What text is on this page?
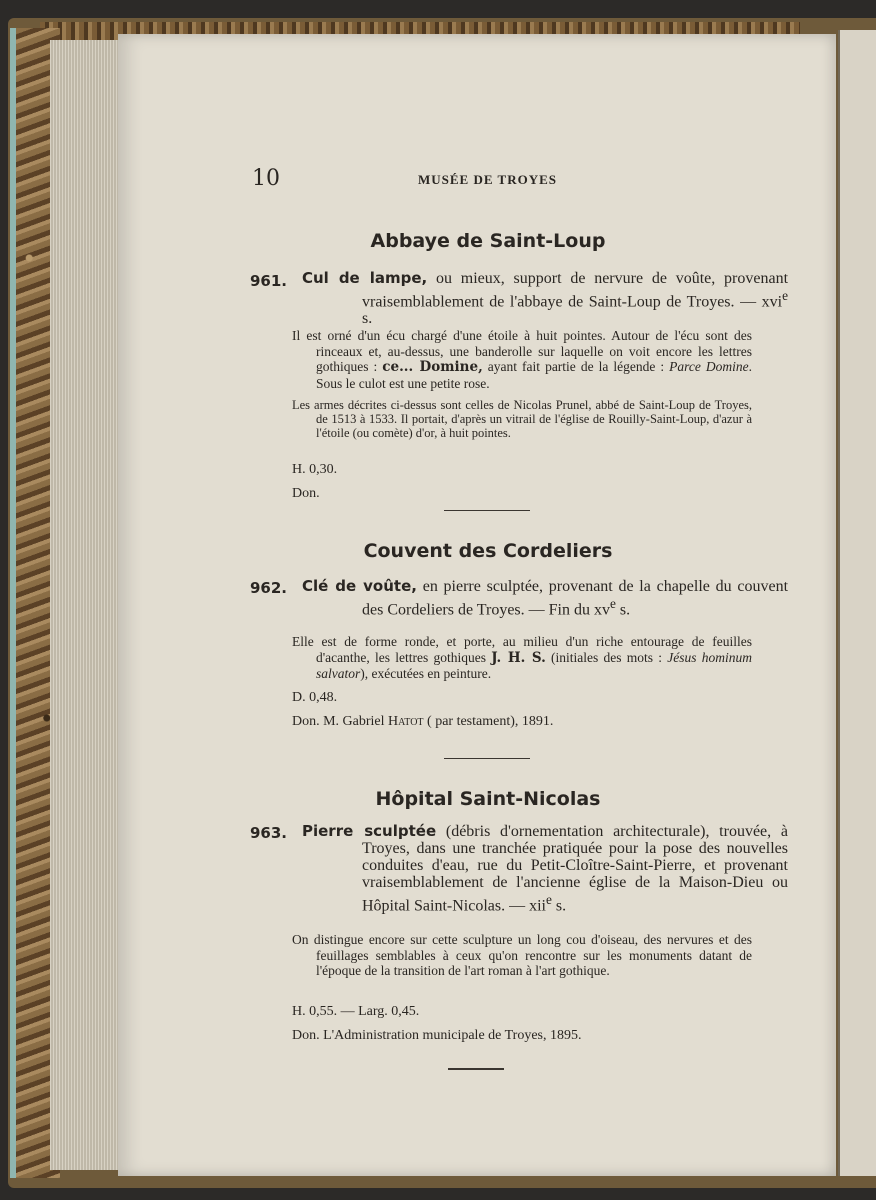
10	MUSÉE DE TROYES
Abbaye de Saint-Loup
961. Cul de lampe, ou mieux, support de nervure de voûte, provenant vraisemblablement de l'abbaye de Saint-Loup de Troyes. — xvi$^e$ s.
Il est orné d'un écu chargé d'une étoile à huit pointes. Autour de l'écu sont des rinceaux et, au-dessus, une banderolle sur laquelle on voit encore les lettres gothiques : ce... Domine, ayant fait partie de la légende : Parce Domine. Sous le culot est une petite rose.
Les armes décrites ci-dessus sont celles de Nicolas Prunel, abbé de Saint-Loup de Troyes, de 1513 à 1533. Il portait, d'après un vitrail de l'église de Rouilly-Saint-Loup, d'azur à l'étoile (ou comète) d'or, à huit pointes.
H. 0,30.
Don.
Couvent des Cordeliers
962. Clé de voûte, en pierre sculptée, provenant de la chapelle du couvent des Cordeliers de Troyes. — Fin du $xv^e$ s.
Elle est de forme ronde, et porte, au milieu d'un riche entourage de feuilles d'acanthe, les lettres gothiques J. H. S. (initiales des mots : Jésus hominum salvator), exécutées en peinture.
D. 0,48.
Don. M. Gabriel Hatot ( par testament), 1891.
Hôpital Saint-Nicolas
963. Pierre sculptée (débris d'ornementation architecturale), trouvée, à Troyes, dans une tranchée pratiquée pour la pose des nouvelles conduites d'eau, rue du Petit-Cloître-Saint-Pierre, et provenant vraisemblablement de l'ancienne église de la Maison-Dieu ou Hôpital Saint-Nicolas. — xii$^e$ s.
On distingue encore sur cette sculpture un long cou d'oiseau, des nervures et des feuillages semblables à ceux qu'on rencontre sur les monuments datant de l'époque de la transition de l'art roman à l'art gothique.
H. 0,55. — Larg. 0,45.
Don. L'Administration municipale de Troyes, 1895.
